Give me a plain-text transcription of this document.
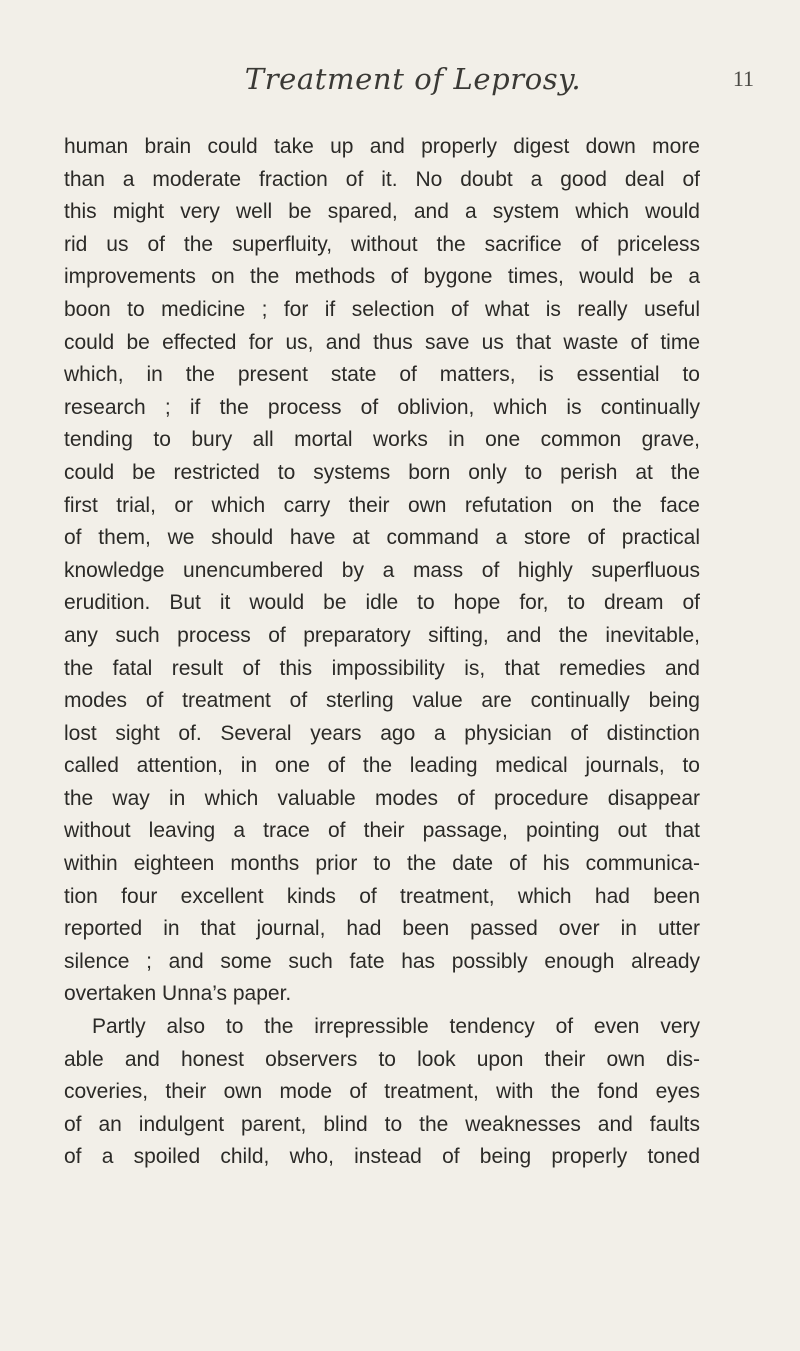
Treatment of Leprosy.	11
human brain could take up and properly digest down more
than a moderate fraction of it. No doubt a good deal of
this might very well be spared, and a system which would
rid us of the superfluity, without the sacrifice of priceless
improvements on the methods of bygone times, would be a
boon to medicine ; for if selection of what is really useful
could be effected for us, and thus save us that waste of time
which, in the present state of matters, is essential to
research ; if the process of oblivion, which is continually
tending to bury all mortal works in one common grave,
could be restricted to systems born only to perish at the
first trial, or which carry their own refutation on the face
of them, we should have at command a store of practical
knowledge unencumbered by a mass of highly superfluous
erudition. But it would be idle to hope for, to dream of
any such process of preparatory sifting, and the inevitable,
the fatal result of this impossibility is, that remedies and
modes of treatment of sterling value are continually being
lost sight of. Several years ago a physician of distinction
called attention, in one of the leading medical journals, to
the way in which valuable modes of procedure disappear
without leaving a trace of their passage, pointing out that
within eighteen months prior to the date of his communica-
tion four excellent kinds of treatment, which had been
reported in that journal, had been passed over in utter
silence ; and some such fate has possibly enough already
overtaken Unna’s paper.
Partly also to the irrepressible tendency of even very
able and honest observers to look upon their own dis-
coveries, their own mode of treatment, with the fond eyes
of an indulgent parent, blind to the weaknesses and faults
of a spoiled child, who, instead of being properly toned
